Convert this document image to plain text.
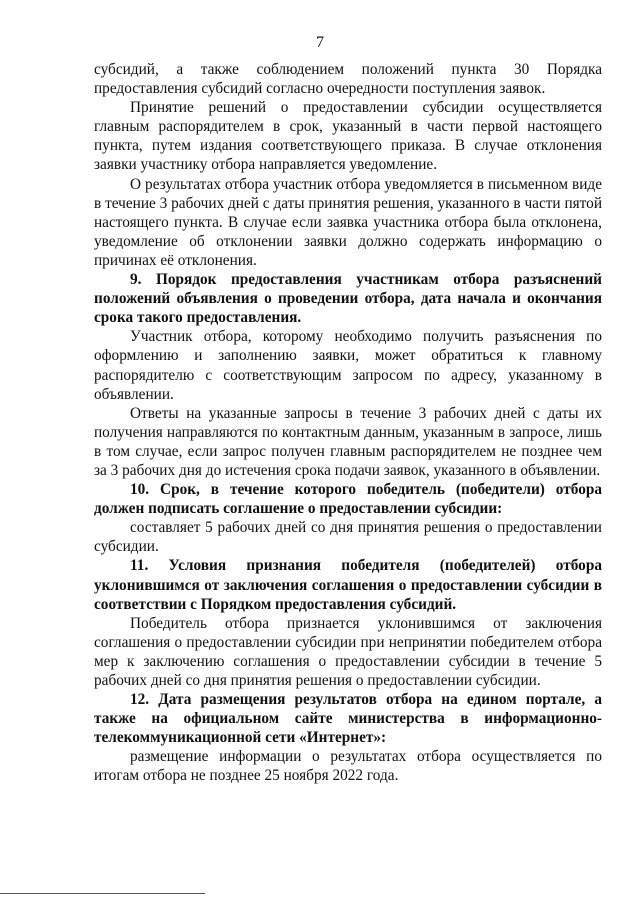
7

субсидий, а также соблюдением положений пункта 30 Порядка предоставления субсидий согласно очередности поступления заявок.

Принятие решений о предоставлении субсидии осуществляется главным распорядителем в срок, указанный в части первой настоящего пункта, путем издания соответствующего приказа. В случае отклонения заявки участнику отбора направляется уведомление.

О результатах отбора участник отбора уведомляется в письменном виде в течение 3 рабочих дней с даты принятия решения, указанного в части пятой настоящего пункта. В случае если заявка участника отбора была отклонена, уведомление об отклонении заявки должно содержать информацию о причинах её отклонения.

9. Порядок предоставления участникам отбора разъяснений положений объявления о проведении отбора, дата начала и окончания срока такого предоставления.

Участник отбора, которому необходимо получить разъяснения по оформлению и заполнению заявки, может обратиться к главному распорядителю с соответствующим запросом по адресу, указанному в объявлении.

Ответы на указанные запросы в течение 3 рабочих дней с даты их получения направляются по контактным данным, указанным в запросе, лишь в том случае, если запрос получен главным распорядителем не позднее чем за 3 рабочих дня до истечения срока подачи заявок, указанного в объявлении.

10. Срок, в течение которого победитель (победители) отбора должен подписать соглашение о предоставлении субсидии:

составляет 5 рабочих дней со дня принятия решения о предоставлении субсидии.

11. Условия признания победителя (победителей) отбора уклонившимся от заключения соглашения о предоставлении субсидии в соответствии с Порядком предоставления субсидий.

Победитель отбора признается уклонившимся от заключения соглашения о предоставлении субсидии при непринятии победителем отбора мер к заключению соглашения о предоставлении субсидии в течение 5 рабочих дней со дня принятия решения о предоставлении субсидии.

12. Дата размещения результатов отбора на едином портале, а также на официальном сайте министерства в информационно-телекоммуникационной сети «Интернет»:

размещение информации о результатах отбора осуществляется по итогам отбора не позднее 25 ноября 2022 года.
